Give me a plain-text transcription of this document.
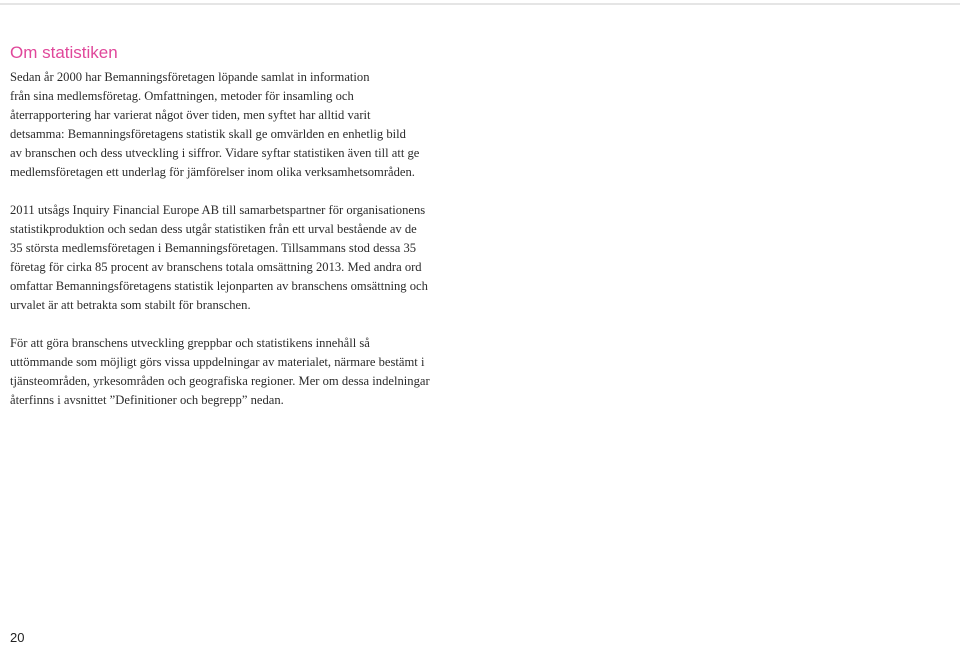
Om statistiken

Sedan år 2000 har Bemanningsföretagen löpande samlat in information
från sina medlemsföretag. Omfattningen, metoder för insamling och
återrapportering har varierat något över tiden, men syftet har alltid varit
detsamma: Bemanningsföretagens statistik skall ge omvärlden en enhetlig bild
av branschen och dess utveckling i siffror. Vidare syftar statistiken även till att ge
medlemsföretagen ett underlag för jämförelser inom olika verksamhetsområden.

2011 utsågs Inquiry Financial Europe AB till samarbetspartner för organisationens
statistikproduktion och sedan dess utgår statistiken från ett urval bestående av de
35 största medlemsföretagen i Bemanningsföretagen. Tillsammans stod dessa 35
företag för cirka 85 procent av branschens totala omsättning 2013. Med andra ord
omfattar Bemanningsföretagens statistik lejonparten av branschens omsättning och
urvalet är att betrakta som stabilt för branschen.

För att göra branschens utveckling greppbar och statistikens innehåll så
uttömmande som möjligt görs vissa uppdelningar av materialet, närmare bestämt i
tjänsteområden, yrkesområden och geografiska regioner. Mer om dessa indelningar
återfinns i avsnittet ”Definitioner och begrepp” nedan.

20
